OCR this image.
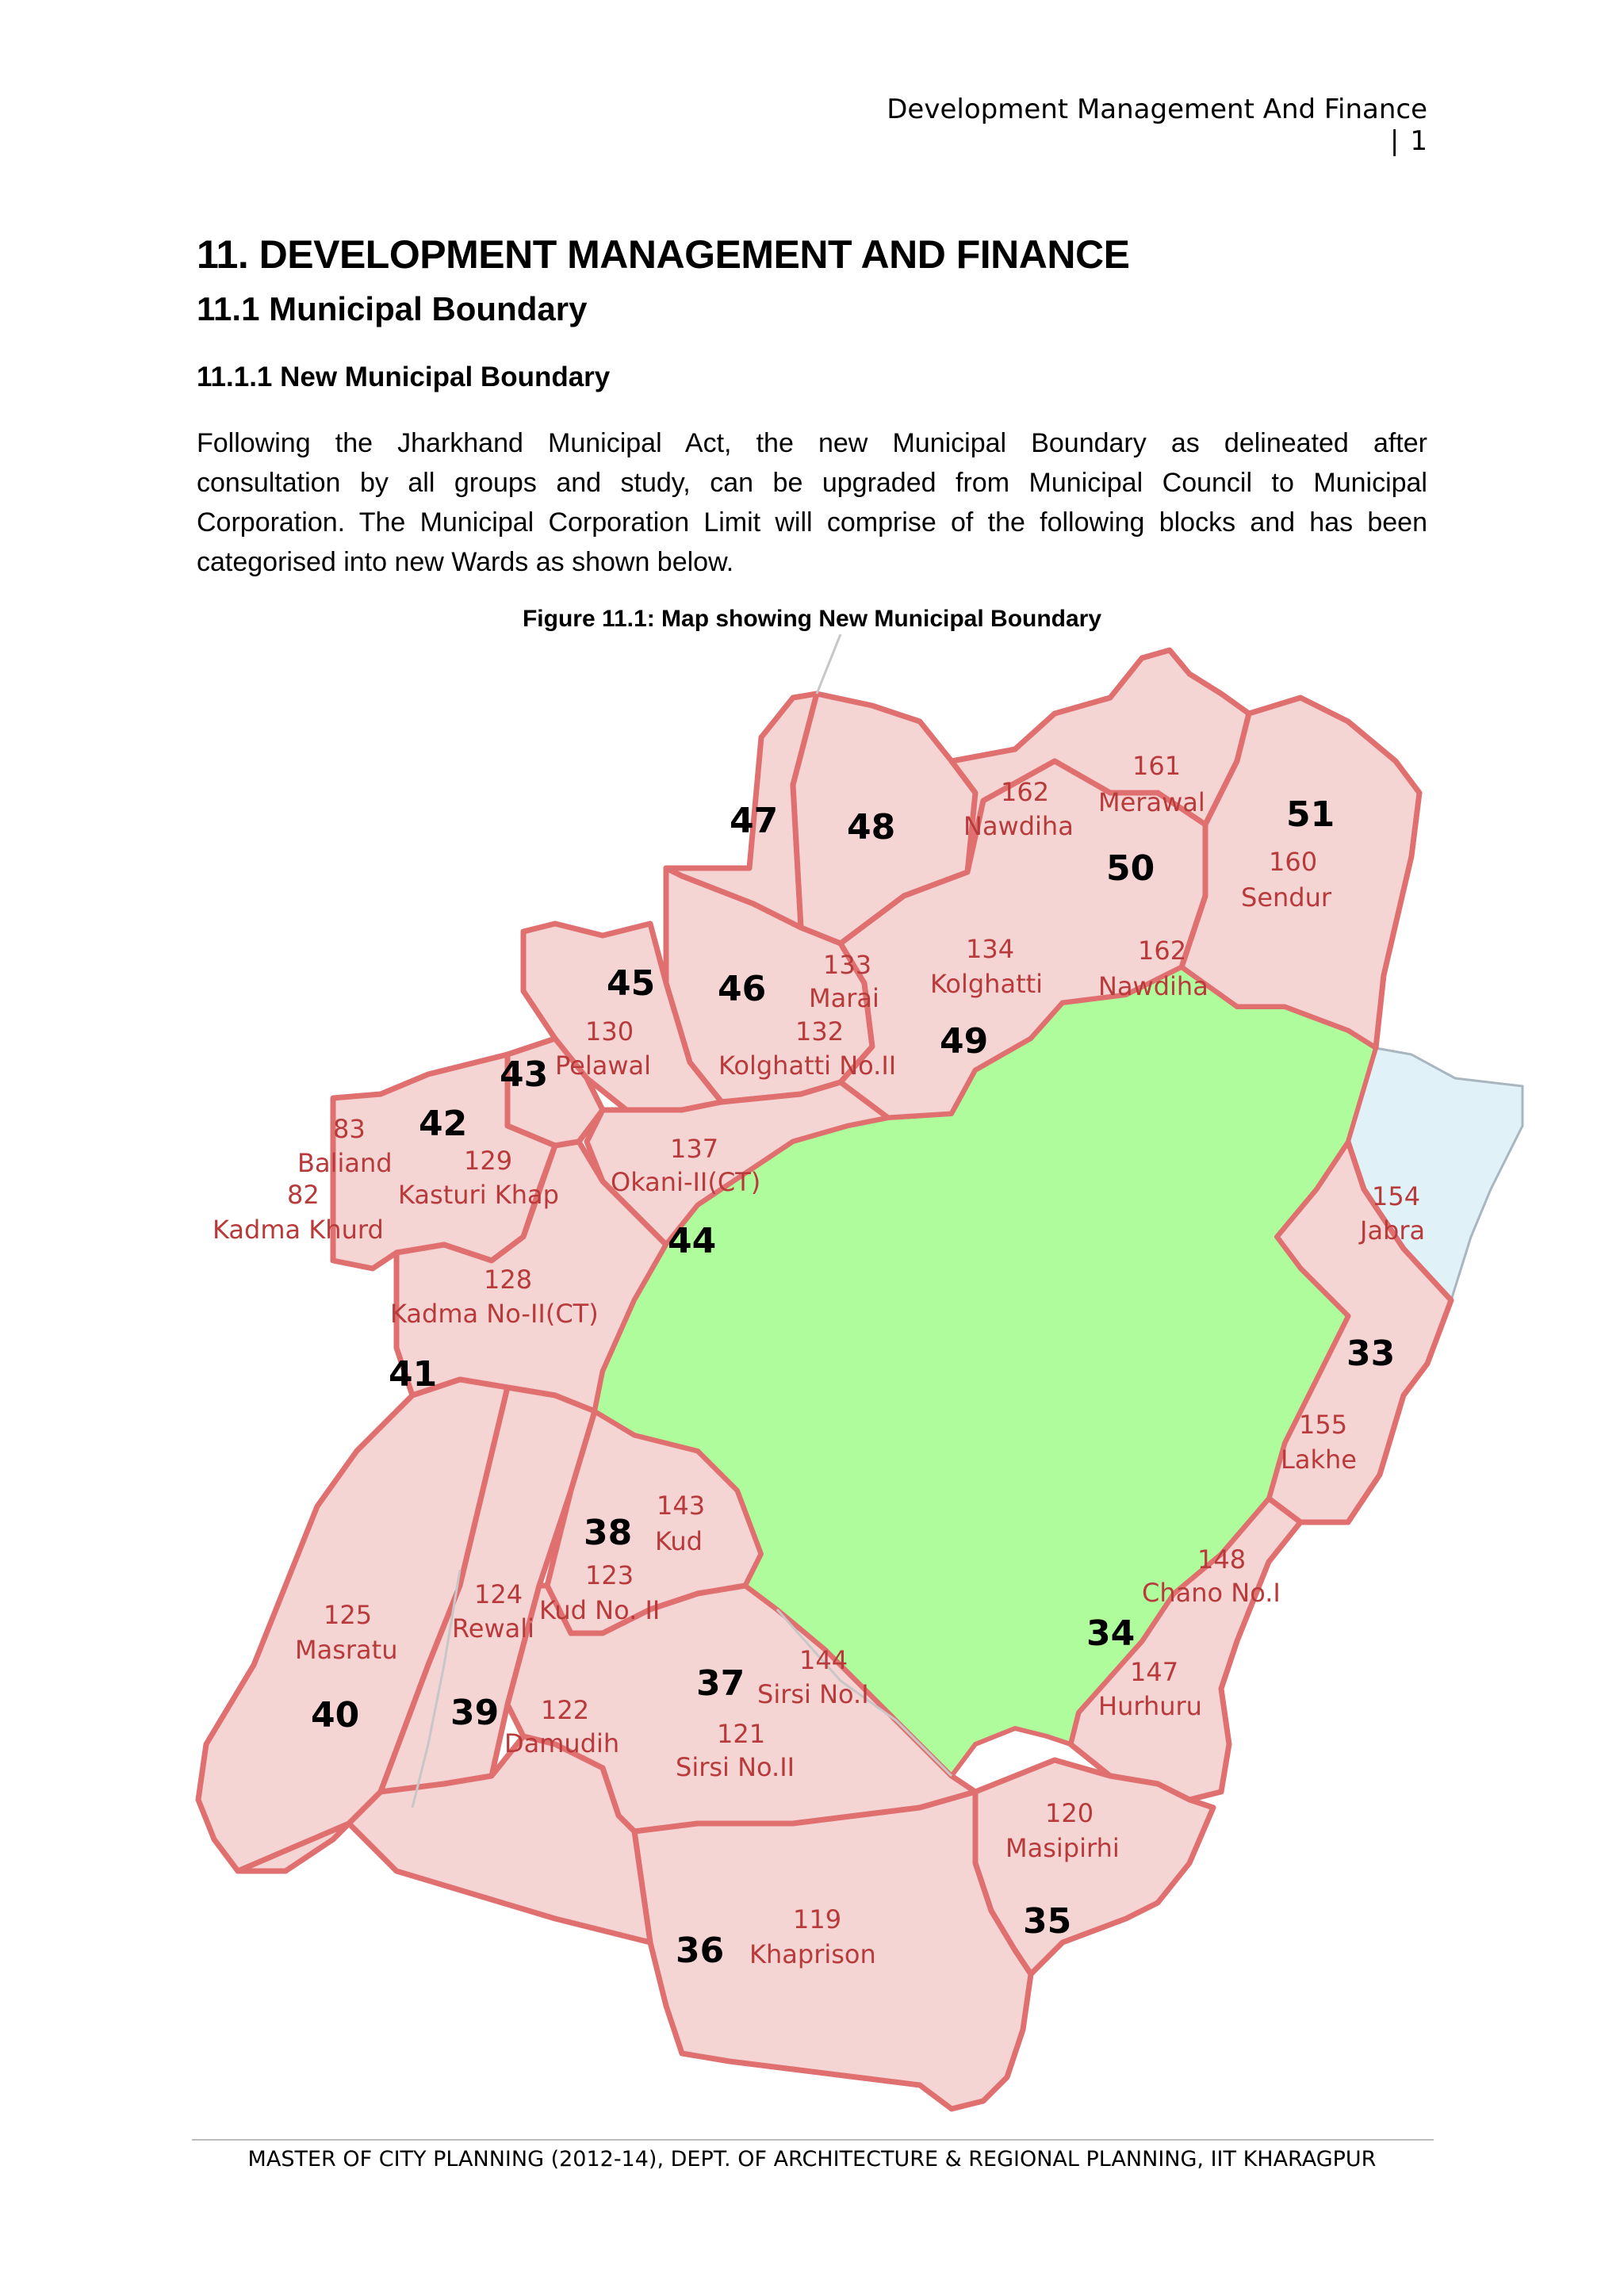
Development Management And Finance| 1
11. DEVELOPMENT MANAGEMENT AND FINANCE
11.1 Municipal Boundary
11.1.1 New Municipal Boundary
Following the Jharkhand Municipal Act, the new Municipal Boundary as delineated after
consultation by all groups and study, can be upgraded from Municipal Council to Municipal
Corporation. The Municipal Corporation Limit will comprise of the following blocks and has been
categorised into new Wards as shown below.
Figure 11.1: Map showing New Municipal Boundary
47 48
50
51
45 46
49
43
42
44
41
33
38
34
37
40	39
35
36
162
Nawdiha
161
Merawal
160
Sendur
134
Kolghatti
162
Nawdiha
133
Marai
132
Kolghatti No.II
130
Pelawal
83
Baliand	129
Kasturi Khap
82
Kadma Khurd
137
Okani-II(CT)	154
Jabra
128
Kadma No-II(CT)
155
Lakhe
143
Kud
123
Kud No. II
148
Chano No.I
124
Rewali
125
Masratu	144
Sirsi No.I
147
Hurhuru
122
Damudih	121
Sirsi No.II
120
Masipirhi
119
Khaprison
MASTER OF CITY PLANNING (2012-14), DEPT. OF ARCHITECTURE & REGIONAL PLANNING, IIT KHARAGPUR
